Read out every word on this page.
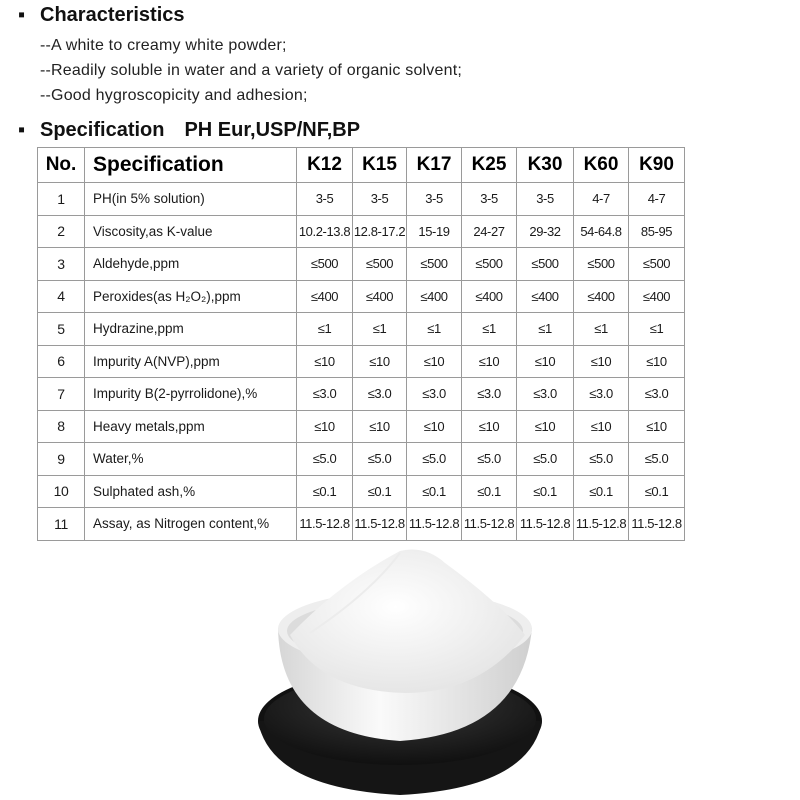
▪ Characteristics
--A white to creamy white powder;
--Readily soluble in water and a variety of organic solvent;
--Good hygroscopicity and adhesion;
▪ Specification　PH Eur,USP/NF,BP
No.	Specification	K12	K15	K17	K25	K30	K60	K90
1	PH(in 5% solution)	3-5	3-5	3-5	3-5	3-5	4-7	4-7
2	Viscosity,as K-value	10.2-13.8	12.8-17.2	15-19	24-27	29-32	54-64.8	85-95
3	Aldehyde,ppm	≤500	≤500	≤500	≤500	≤500	≤500	≤500
4	Peroxides(as H₂O₂),ppm	≤400	≤400	≤400	≤400	≤400	≤400	≤400
5	Hydrazine,ppm	≤1	≤1	≤1	≤1	≤1	≤1	≤1
6	Impurity A(NVP),ppm	≤10	≤10	≤10	≤10	≤10	≤10	≤10
7	Impurity B(2-pyrrolidone),%	≤3.0	≤3.0	≤3.0	≤3.0	≤3.0	≤3.0	≤3.0
8	Heavy metals,ppm	≤10	≤10	≤10	≤10	≤10	≤10	≤10
9	Water,%	≤5.0	≤5.0	≤5.0	≤5.0	≤5.0	≤5.0	≤5.0
10	Sulphated ash,%	≤0.1	≤0.1	≤0.1	≤0.1	≤0.1	≤0.1	≤0.1
11	Assay, as Nitrogen content,%	11.5-12.8	11.5-12.8	11.5-12.8	11.5-12.8	11.5-12.8	11.5-12.8	11.5-12.8
